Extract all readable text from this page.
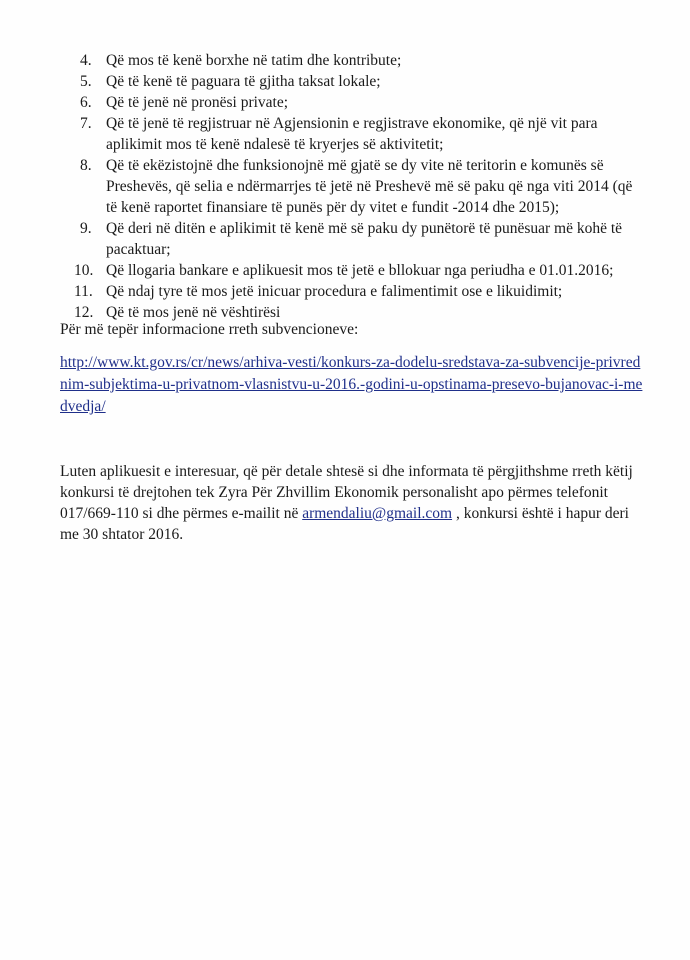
4. Që mos të kenë borxhe në tatim dhe kontribute;
5. Që të kenë të paguara të gjitha taksat lokale;
6. Që të jenë në pronësi private;
7. Që të jenë të regjistruar në Agjensionin e regjistrave ekonomike, që një vit para aplikimit mos të kenë ndalesë të kryerjes së aktivitetit;
8. Që të ekëzistojnë dhe funksionojnë më gjatë se dy vite në teritorin e komunës së Preshevës, që selia e ndërmarrjes të jetë në Preshevë më së paku që nga viti 2014 (që të kenë raportet finansiare të punës për dy vitet e fundit -2014 dhe 2015);
9. Që deri në ditën e aplikimit të kenë më së paku dy punëtorë të punësuar më kohë të pacaktuar;
10. Që llogaria bankare e aplikuesit mos të jetë e bllokuar nga periudha e 01.01.2016;
11. Që ndaj tyre të mos jetë inicuar procedura e falimentimit ose e likuidimit;
12. Që të mos jenë në vështirësi
Për më tepër informacione rreth subvencioneve:
http://www.kt.gov.rs/cr/news/arhiva-vesti/konkurs-za-dodelu-sredstava-za-subvencije-privrednim-subjektima-u-privatnom-vlasnistvu-u-2016.-godini-u-opstinama-presevo-bujanovac-i-medvedja/

Luten aplikuesit e interesuar, që për detale shtesë si dhe informata të përgjithshme rreth këtij konkursi të drejtohen tek Zyra Për Zhvillim Ekonomik personalisht apo përmes telefonit 017/669-110 si dhe përmes e-mailit në armendaliu@gmail.com , konkursi është i hapur deri me 30 shtator 2016.
